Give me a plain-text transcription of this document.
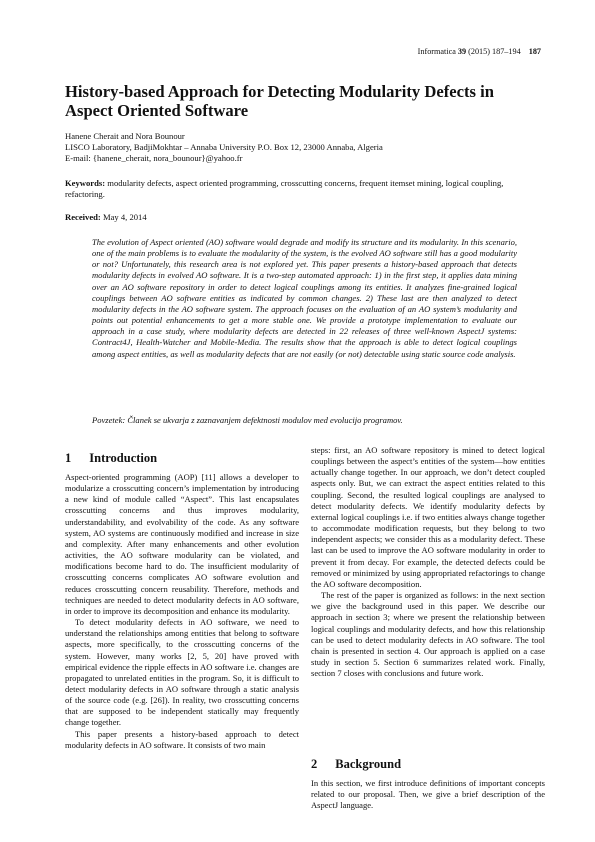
Informatica 39 (2015) 187–194 187
History-based Approach for Detecting Modularity Defects in Aspect Oriented Software
Hanene Cherait and Nora Bounour
LISCO Laboratory, BadjiMokhtar – Annaba University P.O. Box 12, 23000 Annaba, Algeria
E-mail: {hanene_cherait, nora_bounour}@yahoo.fr

Keywords: modularity defects, aspect oriented programming, crosscutting concerns, frequent itemset mining, logical coupling, refactoring.

Received: May 4, 2014

The evolution of Aspect oriented (AO) software would degrade and modify its structure and its modularity. In this scenario, one of the main problems is to evaluate the modularity of the system, is the evolved AO software still has a good modularity or not? Unfortunately, this research area is not explored yet. This paper presents a history-based approach that detects modularity defects in evolved AO software. It is a two-step automated approach: 1) in the first step, it applies data mining over an AO software repository in order to detect logical couplings among its entities. It analyzes fine-grained logical couplings between AO software entities as indicated by common changes. 2) These last are then analyzed to detect modularity defects in the AO software system. The approach focuses on the evaluation of an AO system’s modularity and points out potential enhancements to get a more stable one. We provide a prototype implementation to evaluate our approach in a case study, where modularity defects are detected in 22 releases of three well-known AspectJ systems: Contract4J, Health-Watcher and Mobile-Media. The results show that the approach is able to detect logical couplings among aspect entities, as well as modularity defects that are not easily (or not) detectable using static source code analysis.

Povzetek: Članek se ukvarja z zaznavanjem defektnosti modulov med evolucijo programov.
1 Introduction

Aspect-oriented programming (AOP) [11] allows a developer to modularize a crosscutting concern’s implementation by introducing a new kind of module called “Aspect”. This last encapsulates crosscutting concerns and thus improves modularity, understandability, and evolvability of the code. As any software system, AO systems are continuously modified and increase in size and complexity. After many enhancements and other evolution activities, the AO software modularity can be violated, and modifications become hard to do. The insufficient modularity of crosscutting concerns complicates AO software evolution and reduces crosscutting concern reusability. Therefore, methods and techniques are needed to detect modularity defects in AO software, in order to improve its decomposition and enhance its modularity.

To detect modularity defects in AO software, we need to understand the relationships among entities that belong to software aspects, more specifically, to the crosscutting concerns of the system. However, many works [2, 5, 20] have proved with empirical evidence the ripple effects in AO software i.e. changes are propagated to unrelated entities in the program. So, it is difficult to detect modularity defects in AO software through a static analysis of the source code (e.g. [26]). In reality, two crosscutting concerns that are supposed to be independent statically may frequently change together.

This paper presents a history-based approach to detect modularity defects in AO software. It consists of two main

steps: first, an AO software repository is mined to detect logical couplings between the aspect’s entities of the system—how entities actually change together. In our approach, we don’t detect coupled aspects only. But, we can extract the aspect entities related to this coupling. Second, the resulted logical couplings are analysed to detect modularity defects. We identify modularity defects by external logical couplings i.e. if two entities always change together to accommodate modification requests, but they belong to two independent aspects; we consider this as a modularity defect. These last can be used to improve the AO software modularity in order to prevent it from decay. For example, the detected defects could be removed or minimized by using appropriated refactorings to change the AO software decomposition.

The rest of the paper is organized as follows: in the next section we give the background used in this paper. We describe our approach in section 3; where we present the relationship between logical couplings and modularity defects, and how this relationship can be used to detect modularity defects in AO software. The tool chain is presented in section 4. Our approach is applied on a case study in section 5. Section 6 summarizes related work. Finally, section 7 closes with conclusions and future work.

2 Background

In this section, we first introduce definitions of important concepts related to our proposal. Then, we give a brief description of the AspectJ language.
